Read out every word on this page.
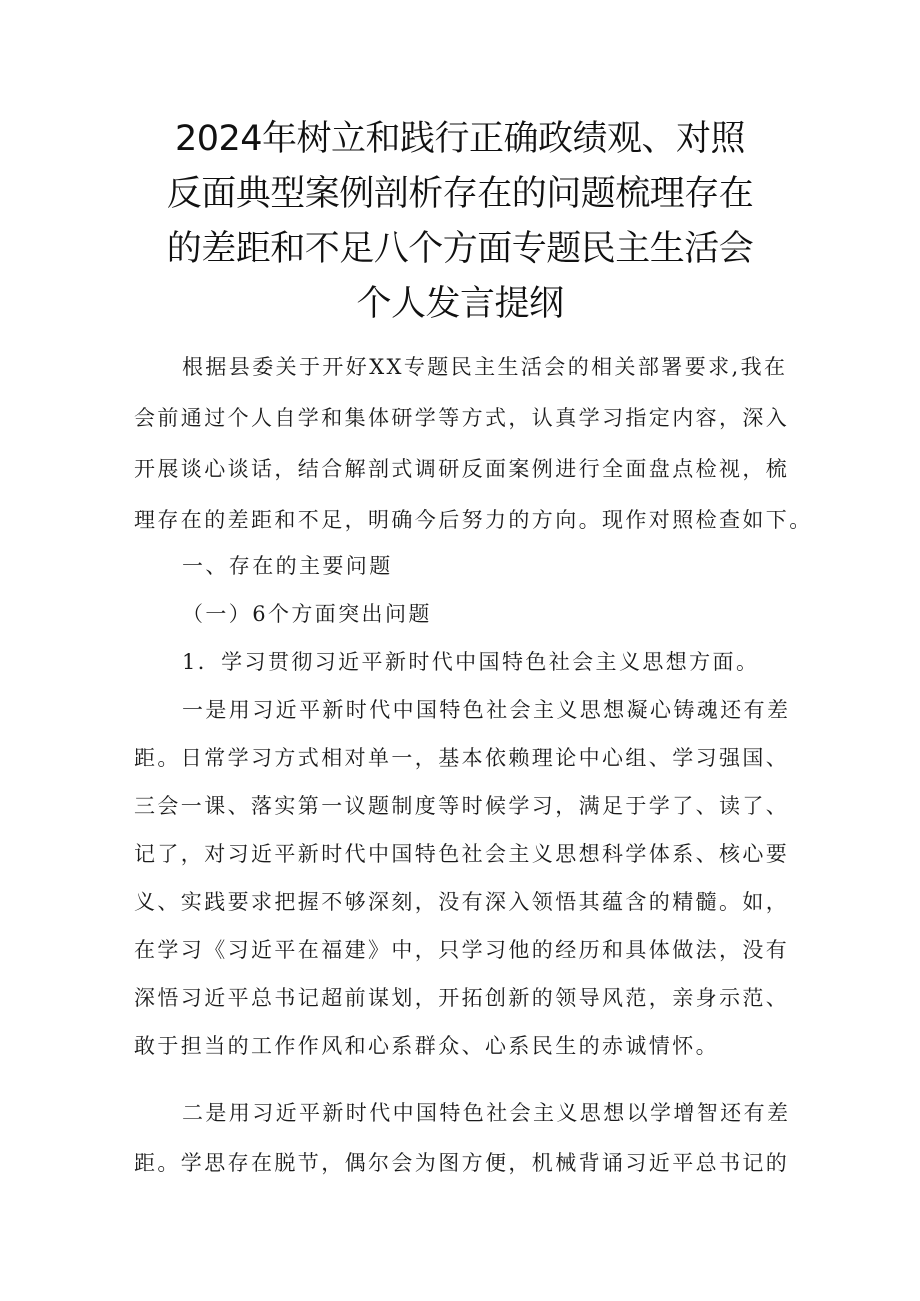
2024年树立和践行正确政绩观、对照
反面典型案例剖析存在的问题梳理存在
的差距和不足八个方面专题民主生活会
个人发言提纲
根据县委关于开好XX专题民主生活会的相关部署要求,我在
会前通过个人自学和集体研学等方式，认真学习指定内容，深入
开展谈心谈话，结合解剖式调研反面案例进行全面盘点检视，梳
理存在的差距和不足，明确今后努力的方向。现作对照检查如下。
一、存在的主要问题
（一）6个方面突出问题
1．学习贯彻习近平新时代中国特色社会主义思想方面。
一是用习近平新时代中国特色社会主义思想凝心铸魂还有差
距。日常学习方式相对单一，基本依赖理论中心组、学习强国、
三会一课、落实第一议题制度等时候学习，满足于学了、读了、
记了，对习近平新时代中国特色社会主义思想科学体系、核心要
义、实践要求把握不够深刻，没有深入领悟其蕴含的精髓。如，
在学习《习近平在福建》中，只学习他的经历和具体做法，没有
深悟习近平总书记超前谋划，开拓创新的领导风范，亲身示范、
敢于担当的工作作风和心系群众、心系民生的赤诚情怀。
二是用习近平新时代中国特色社会主义思想以学增智还有差
距。学思存在脱节，偶尔会为图方便，机械背诵习近平总书记的
